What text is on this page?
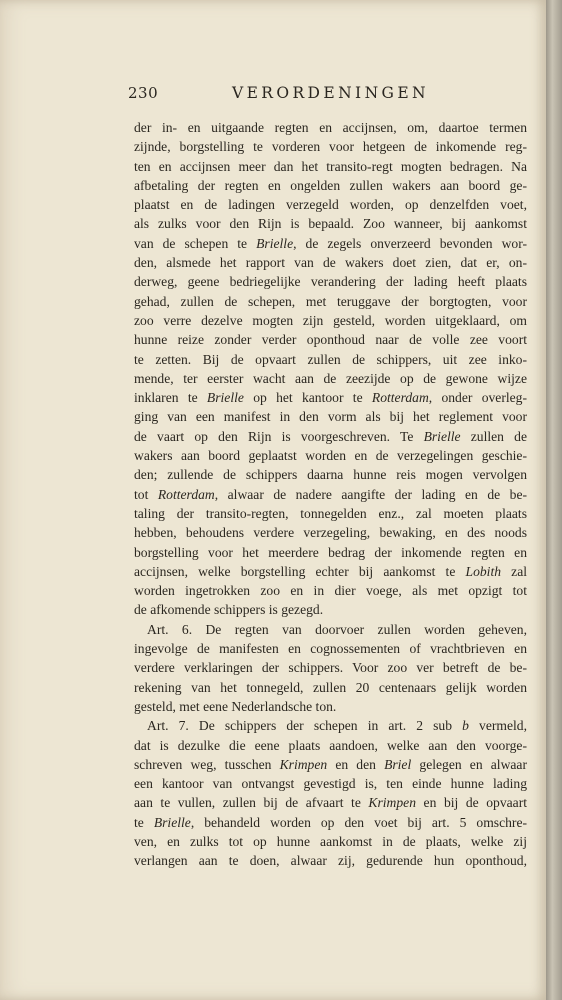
230	VERORDENINGEN
der in- en uitgaande regten en accijnsen, om, daartoe termen
zijnde, borgstelling te vorderen voor hetgeen de inkomende reg-
ten en accijnsen meer dan het transito-regt mogten bedragen. Na
afbetaling der regten en ongelden zullen wakers aan boord ge-
plaatst en de ladingen verzegeld worden, op denzelfden voet,
als zulks voor den Rijn is bepaald. Zoo wanneer, bij aankomst
van de schepen te Brielle, de zegels onverzeerd bevonden wor-
den, alsmede het rapport van de wakers doet zien, dat er, on-
derweg, geene bedriegelijke verandering der lading heeft plaats
gehad, zullen de schepen, met teruggave der borgtogten, voor
zoo verre dezelve mogten zijn gesteld, worden uitgeklaard, om
hunne reize zonder verder oponthoud naar de volle zee voort
te zetten. Bij de opvaart zullen de schippers, uit zee inko-
mende, ter eerster wacht aan de zeezijde op de gewone wijze
inklaren te Brielle op het kantoor te Rotterdam, onder overleg-
ging van een manifest in den vorm als bij het reglement voor
de vaart op den Rijn is voorgeschreven. Te Brielle zullen de
wakers aan boord geplaatst worden en de verzegelingen geschie-
den; zullende de schippers daarna hunne reis mogen vervolgen
tot Rotterdam, alwaar de nadere aangifte der lading en de be-
taling der transito-regten, tonnegelden enz., zal moeten plaats
hebben, behoudens verdere verzegeling, bewaking, en des noods
borgstelling voor het meerdere bedrag der inkomende regten en
accijnsen, welke borgstelling echter bij aankomst te Lobith zal
worden ingetrokken zoo en in dier voege, als met opzigt tot
de afkomende schippers is gezegd.
Art. 6. De regten van doorvoer zullen worden geheven,
ingevolge de manifesten en cognossementen of vrachtbrieven en
verdere verklaringen der schippers. Voor zoo ver betreft de be-
rekening van het tonnegeld, zullen 20 centenaars gelijk worden
gesteld, met eene Nederlandsche ton.
Art. 7. De schippers der schepen in art. 2 sub b vermeld,
dat is dezulke die eene plaats aandoen, welke aan den voorge-
schreven weg, tusschen Krimpen en den Briel gelegen en alwaar
een kantoor van ontvangst gevestigd is, ten einde hunne lading
aan te vullen, zullen bij de afvaart te Krimpen en bij de opvaart
te Brielle, behandeld worden op den voet bij art. 5 omschre-
ven, en zulks tot op hunne aankomst in de plaats, welke zij
verlangen aan te doen, alwaar zij, gedurende hun oponthoud,
